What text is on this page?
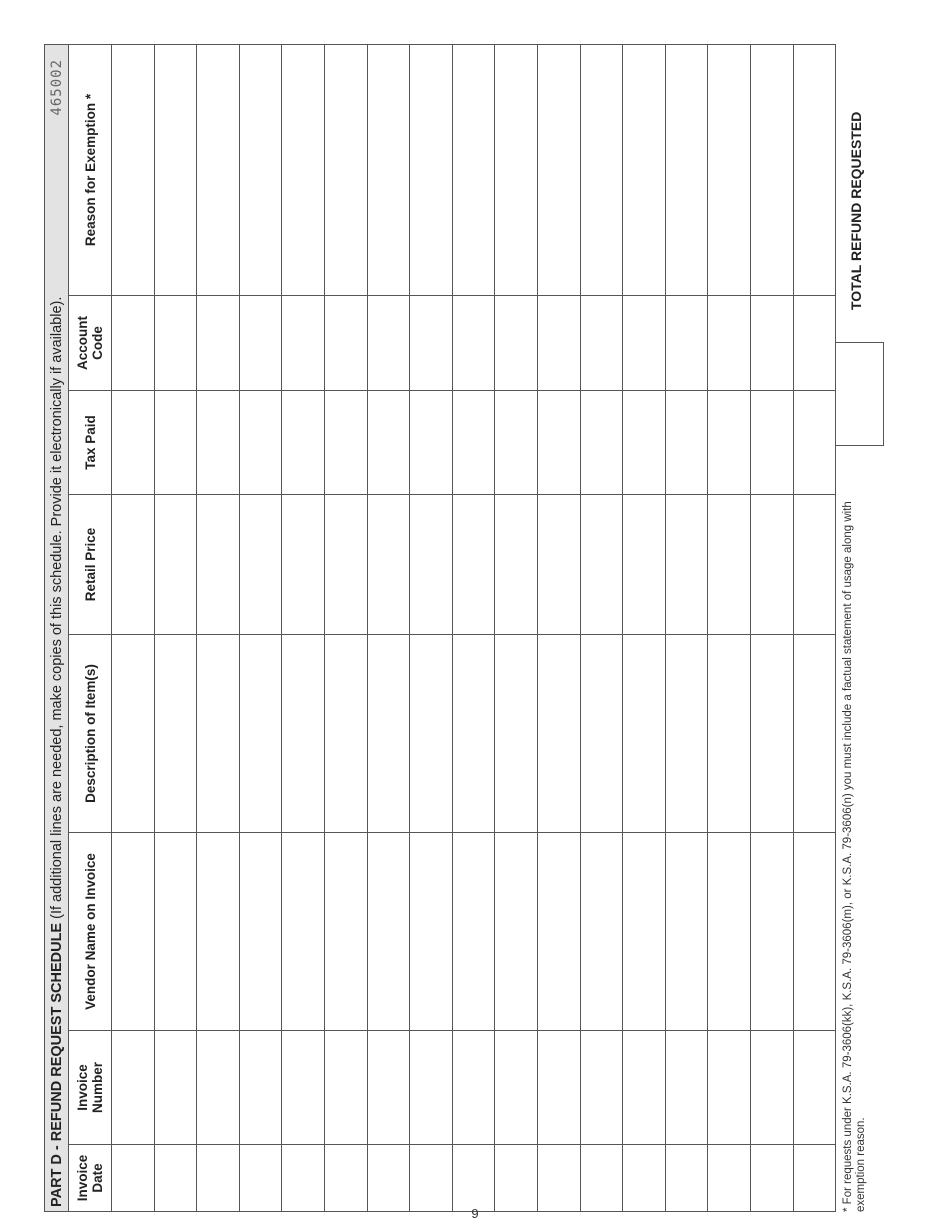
PART D - REFUND REQUEST SCHEDULE

(If additional lines are needed, make copies of this schedule. Provide it electronically if available).
465002
Invoice
Date
Invoice
Number
Vendor Name on Invoice
Description of Item(s)
Retail Price
Tax Paid
Account
Code
Reason for Exemption *
* For requests under K.S.A. 79-3606(kk), K.S.A. 79-3606(m), or K.S.A. 79-3606(n) you must include a factual statement of usage along with exemption reason.
TOTAL REFUND REQUESTED
9
